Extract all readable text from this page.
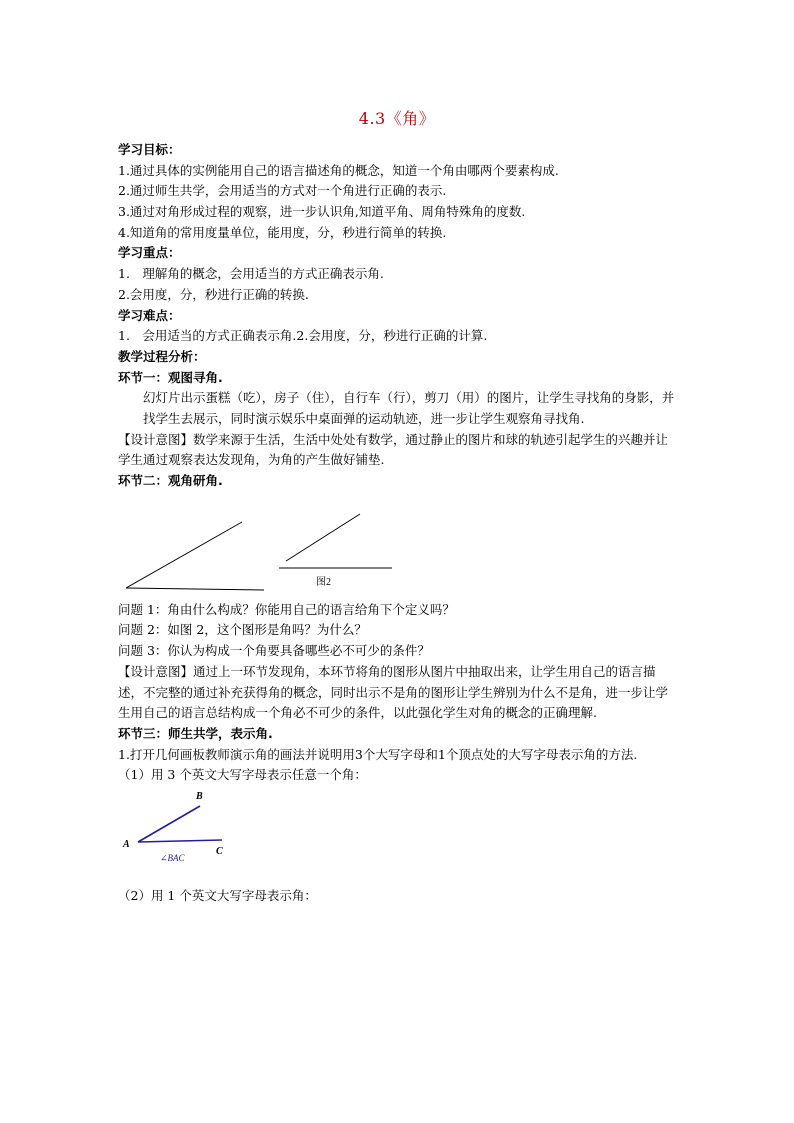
4.3《角》
学习目标：
1.通过具体的实例能用自己的语言描述角的概念，知道一个角由哪两个要素构成.
2.通过师生共学，会用适当的方式对一个角进行正确的表示.
3.通过对角形成过程的观察，进一步认识角,知道平角、周角特殊角的度数.
4.知道角的常用度量单位，能用度，分，秒进行简单的转换.
学习重点：
1.　理解角的概念，会用适当的方式正确表示角.
2.会用度，分，秒进行正确的转换.
学习难点：
1.　会用适当的方式正确表示角.2.会用度，分，秒进行正确的计算.
教学过程分析：
环节一：观图寻角.
幻灯片出示蛋糕（吃），房子（住），自行车（行），剪刀（用）的图片，让学生寻找角的身影，并找学生去展示，同时演示娱乐中桌面弹的运动轨迹，进一步让学生观察角寻找角.
【设计意图】数学来源于生活，生活中处处有数学，通过静止的图片和球的轨迹引起学生的兴趣并让学生通过观察表达发现角，为角的产生做好铺垫.
环节二：观角研角.
图2
问题 1：角由什么构成？你能用自己的语言给角下个定义吗？
问题 2：如图 2，这个图形是角吗？为什么？
问题 3：你认为构成一个角要具备哪些必不可少的条件？
【设计意图】通过上一环节发现角，本环节将角的图形从图片中抽取出来，让学生用自己的语言描述，不完整的通过补充获得角的概念，同时出示不是角的图形让学生辨别为什么不是角，进一步让学生用自己的语言总结构成一个角必不可少的条件，以此强化学生对角的概念的正确理解.
环节三：师生共学，表示角.
1.打开几何画板教师演示角的画法并说明用3个大写字母和1个顶点处的大写字母表示角的方法.
（1）用 3 个英文大写字母表示任意一个角：
A
B
C
∠BAC
（2）用 1 个英文大写字母表示角：
